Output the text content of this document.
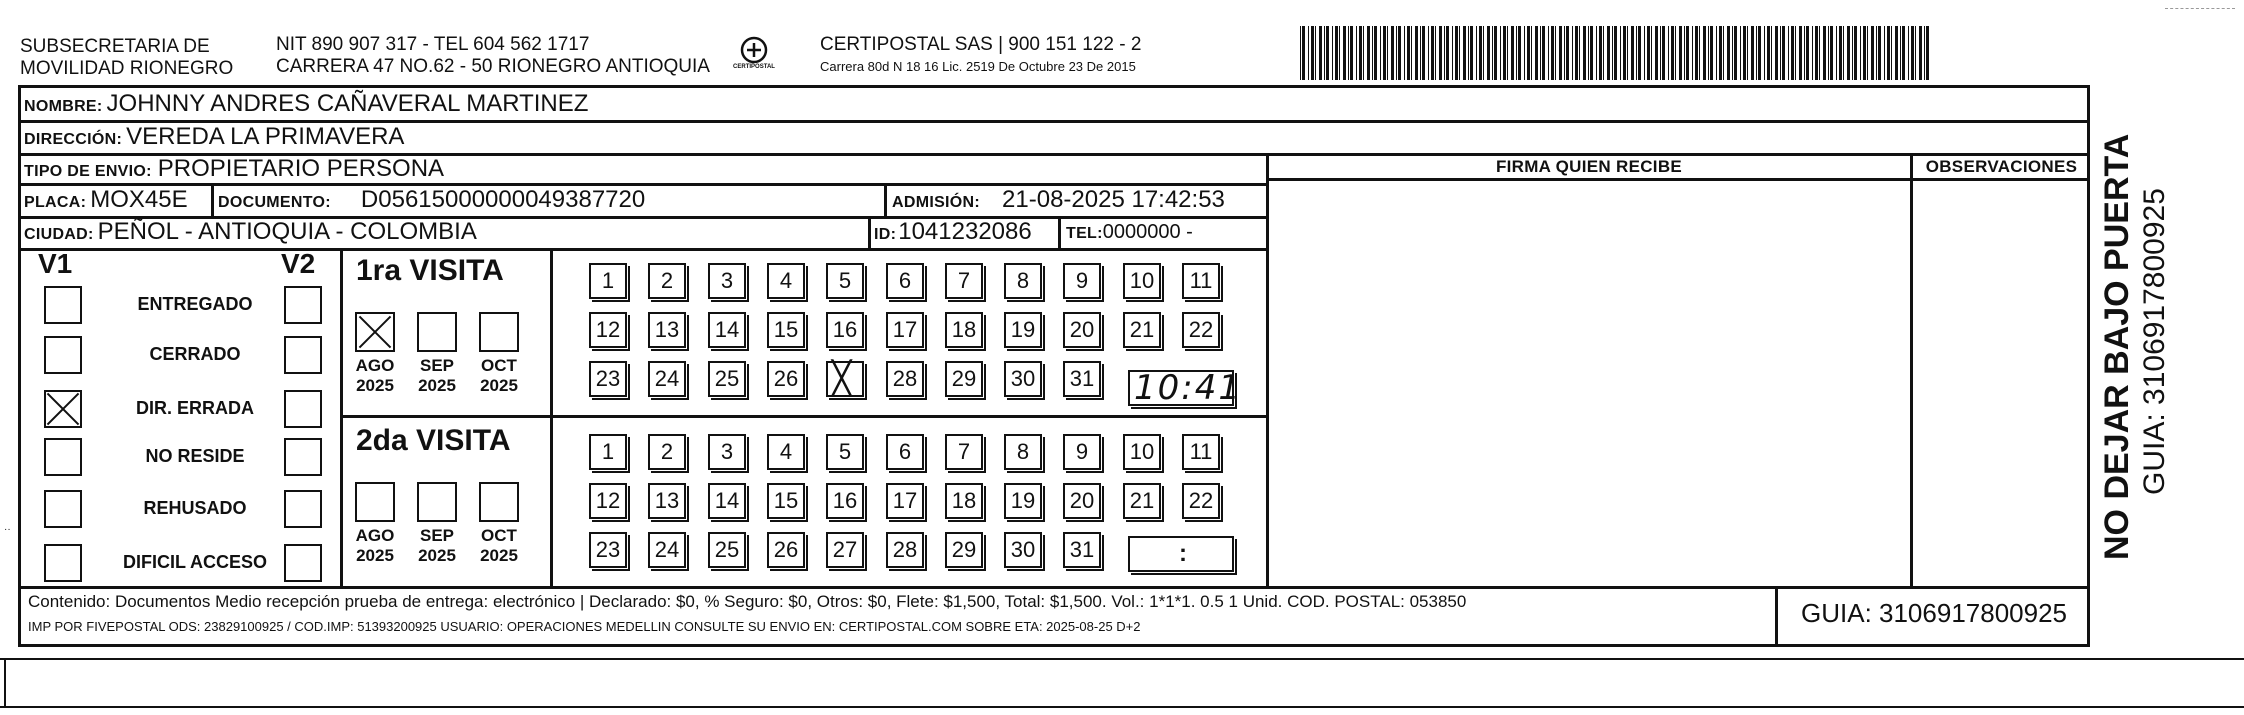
SUBSECRETARIA DE
MOVILIDAD RIONEGRO
NIT 890 907 317 - TEL 604 562 1717
CARRERA 47 NO.62 - 50 RIONEGRO ANTIOQUIA	CERTIPOSTAL
CERTIPOSTAL SAS | 900 151 122 - 2
Carrera 80d N 18 16 Lic. 2519 De Octubre 23 De 2015
NOMBRE: JOHNNY ANDRES CAÑAVERAL MARTINEZ
DIRECCIÓN: VEREDA LA PRIMAVERA
TIPO DE ENVIO: PROPIETARIO PERSONA
PLACA: MOX45E DOCUMENTO: D05615000000049387720	ADMISIÓN: 21-08-2025 17:42:53
CIUDAD: PEÑOL - ANTIOQUIA - COLOMBIA	ID: 1041232086 TEL: 0000000 -
FIRMA QUIEN RECIBE	OBSERVACIONES
V1	V2
ENTREGADO
CERRADO
DIR. ERRADA
NO RESIDE
REHUSADO
DIFICIL ACCESO
1ra VISITA
AGO
2025
SEP
2025
OCT
2025
1	2	3	4	5	6	7	8	9	10	11
12	13	14	15	16	17	18	19	20	21	22
23	24	25	26
╳	28	29	30	31 10:41
2da VISITA
AGO
2025
SEP
2025
OCT
2025
1	2	3	4	5	6	7	8	9	10	11
12	13	14	15	16	17	18	19	20	21	22
23	24	25	26	27	28	29	30	31	:
Contenido: Documentos Medio recepción prueba de entrega: electrónico | Declarado: $0, % Seguro: $0, Otros: $0, Flete: $1,500, Total: $1,500. Vol.: 1*1*1. 0.5 1 Unid. COD. POSTAL: 053850
IMP POR FIVEPOSTAL ODS: 23829100925 / COD.IMP: 51393200925 USUARIO: OPERACIONES MEDELLIN CONSULTE SU ENVIO EN: CERTIPOSTAL.COM SOBRE ETA: 2025-08-25 D+2	GUIA: 3106917800925
NO DEJAR BAJO PUERTA GUIA: 3106917800925
··
